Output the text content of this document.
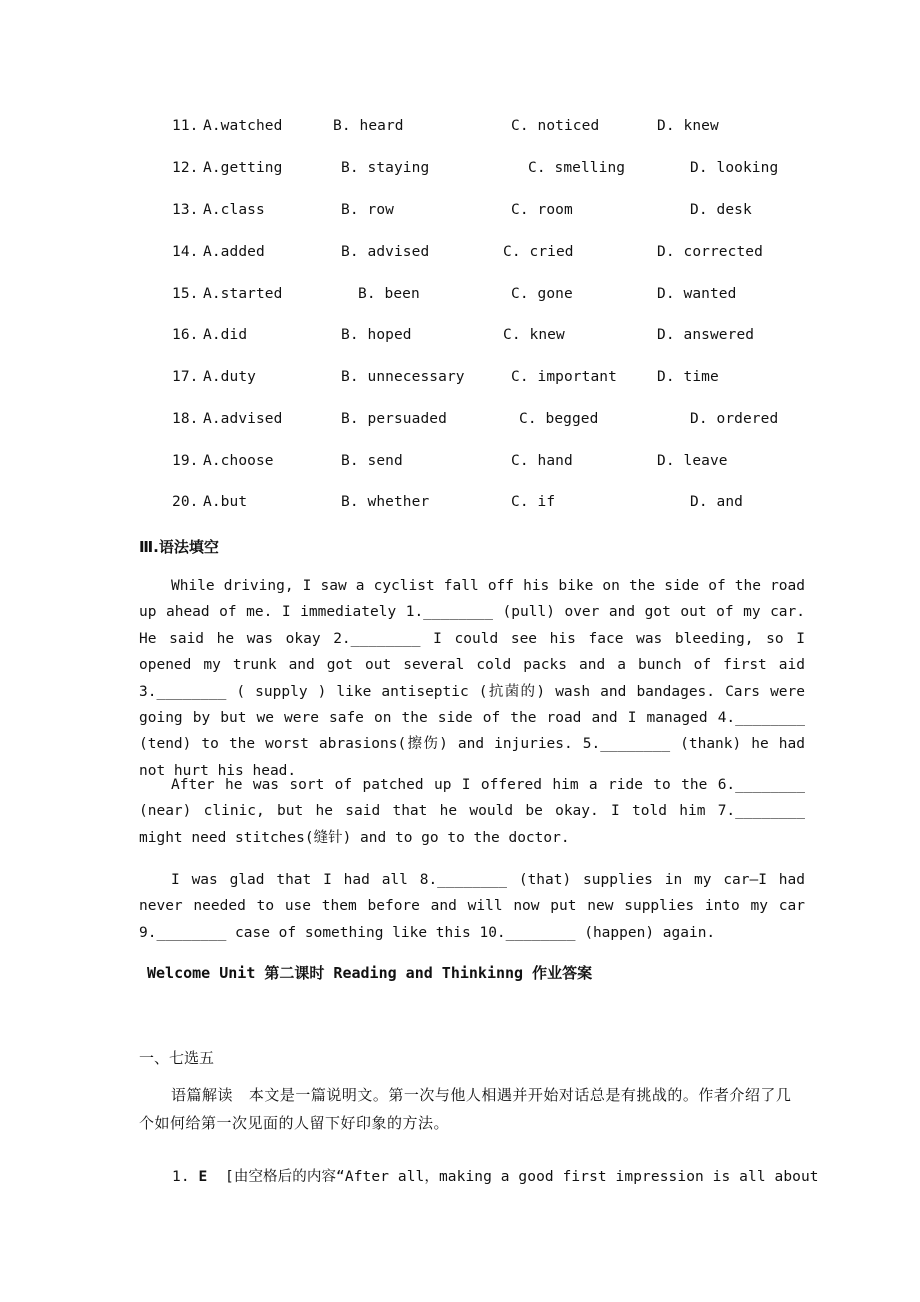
11. A.watched	B. heard	C. noticed	D. knew
12. A.getting	B. staying	C. smelling	D. looking
13. A.class	B. row	C. room	D. desk
14. A.added	B. advised	C. cried	D. corrected
15. A.started	B. been	C. gone	D. wanted
16. A.did	B. hoped	C. knew	D. answered
17. A.duty	B. unnecessary	C. important	D. time
18. A.advised	B. persuaded	C. begged	D. ordered
19. A.choose	B. send	C. hand	D. leave
20. A.but	B. whether	C. if	D. and
Ⅲ.语法填空

While driving, I saw a cyclist fall off his bike on the side of the road up ahead of me. I immediately 1.________ (pull) over and got out of my car. He said he was okay 2.________ I could see his face was bleeding, so I opened my trunk and got out several cold packs and a bunch of first aid 3.________ ( supply ) like antiseptic (抗菌的) wash and bandages. Cars were going by but we were safe on the side of the road and I managed 4.________ (tend) to the worst abrasions(擦伤) and injuries. 5.________ (thank) he had not hurt his head.

After he was sort of patched up I offered him a ride to the 6.________ (near) clinic, but he said that he would be okay. I told him 7.________ might need stitches(缝针) and to go to the doctor.

I was glad that I had all 8.________ (that) supplies in my car—I had never needed to use them before and will now put new supplies into my car 9.________ case of something like this 10.________ (happen) again.

Welcome Unit 第二课时 Reading and Thinkinng 作业答案
一、七选五

语篇解读 本文是一篇说明文。第一次与他人相遇并开始对话总是有挑战的。作者介绍了几个如何给第一次见面的人留下好印象的方法。

1. E [由空格后的内容“After all，making a good first impression is all about
